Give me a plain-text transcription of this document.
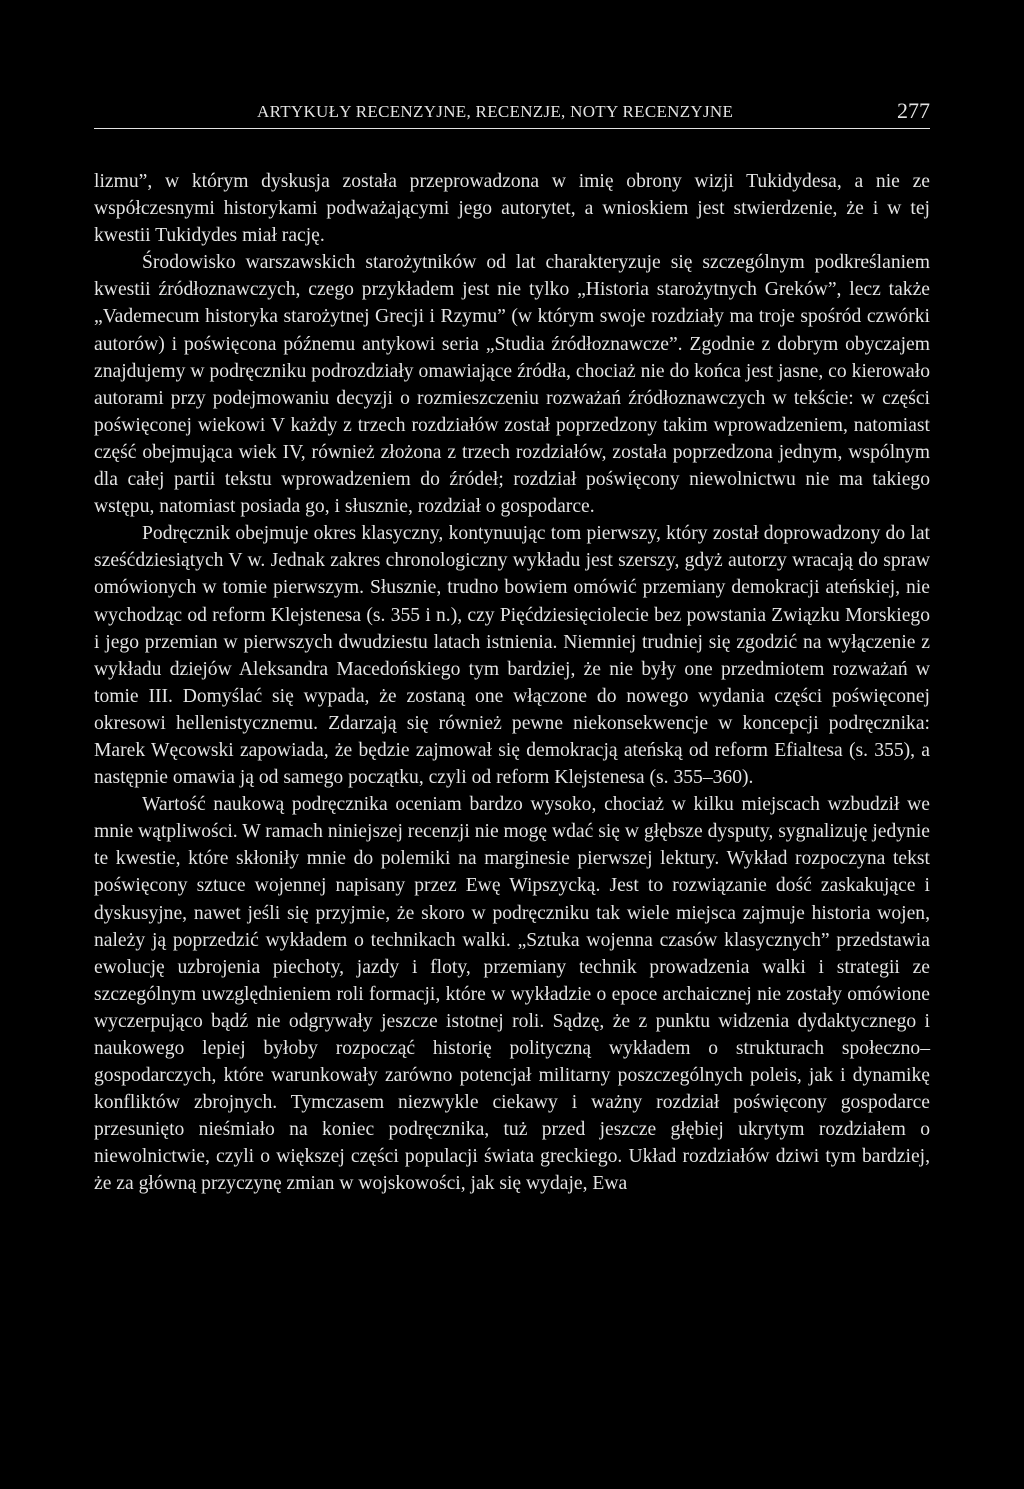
ARTYKUŁY RECENZYJNE, RECENZJE, NOTY RECENZYJNE	277

lizmu”, w którym dyskusja została przeprowadzona w imię obrony wizji Tukidydesa, a nie ze współczesnymi historykami podważającymi jego autorytet, a wnioskiem jest stwierdzenie, że i w tej kwestii Tukidydes miał rację.

Środowisko warszawskich starożytników od lat charakteryzuje się szczególnym podkreślaniem kwestii źródłoznawczych, czego przykładem jest nie tylko „Historia starożytnych Greków”, lecz także „Vademecum historyka starożytnej Grecji i Rzymu” (w którym swoje rozdziały ma troje spośród czwórki autorów) i poświęcona późnemu antykowi seria „Studia źródłoznawcze”. Zgodnie z dobrym obyczajem znajdujemy w podręczniku podrozdziały omawiające źródła, chociaż nie do końca jest jasne, co kierowało autorami przy podejmowaniu decyzji o rozmieszczeniu rozważań źródłoznawczych w tekście: w części poświęconej wiekowi V każdy z trzech rozdziałów został poprzedzony takim wprowadzeniem, natomiast część obejmująca wiek IV, również złożona z trzech rozdziałów, została poprzedzona jednym, wspólnym dla całej partii tekstu wprowadzeniem do źródeł; rozdział poświęcony niewolnictwu nie ma takiego wstępu, natomiast posiada go, i słusznie, rozdział o gospodarce.

Podręcznik obejmuje okres klasyczny, kontynuując tom pierwszy, który został doprowadzony do lat sześćdziesiątych V w. Jednak zakres chronologiczny wykładu jest szerszy, gdyż autorzy wracają do spraw omówionych w tomie pierwszym. Słusznie, trudno bowiem omówić przemiany demokracji ateńskiej, nie wychodząc od reform Klejstenesa (s. 355 i n.), czy Pięćdziesięciolecie bez powstania Związku Morskiego i jego przemian w pierwszych dwudziestu latach istnienia. Niemniej trudniej się zgodzić na wyłączenie z wykładu dziejów Aleksandra Macedońskiego tym bardziej, że nie były one przedmiotem rozważań w tomie III. Domyślać się wypada, że zostaną one włączone do nowego wydania części poświęconej okresowi hellenistycznemu. Zdarzają się również pewne niekonsekwencje w koncepcji podręcznika: Marek Węcowski zapowiada, że będzie zajmował się demokracją ateńską od reform Efialtesa (s. 355), a następnie omawia ją od samego początku, czyli od reform Klejstenesa (s. 355–360).

Wartość naukową podręcznika oceniam bardzo wysoko, chociaż w kilku miejscach wzbudził we mnie wątpliwości. W ramach niniejszej recenzji nie mogę wdać się w głębsze dysputy, sygnalizuję jedynie te kwestie, które skłoniły mnie do polemiki na marginesie pierwszej lektury. Wykład rozpoczyna tekst poświęcony sztuce wojennej napisany przez Ewę Wipszycką. Jest to rozwiązanie dość zaskakujące i dyskusyjne, nawet jeśli się przyjmie, że skoro w podręczniku tak wiele miejsca zajmuje historia wojen, należy ją poprzedzić wykładem o technikach walki. „Sztuka wojenna czasów klasycznych” przedstawia ewolucję uzbrojenia piechoty, jazdy i floty, przemiany technik prowadzenia walki i strategii ze szczególnym uwzględnieniem roli formacji, które w wykładzie o epoce archaicznej nie zostały omówione wyczerpująco bądź nie odgrywały jeszcze istotnej roli. Sądzę, że z punktu widzenia dydaktycznego i naukowego lepiej byłoby rozpocząć historię polityczną wykładem o strukturach społeczno–gospodarczych, które warunkowały zarówno potencjał militarny poszczególnych poleis, jak i dynamikę konfliktów zbrojnych. Tymczasem niezwykle ciekawy i ważny rozdział poświęcony gospodarce przesunięto nieśmiało na koniec podręcznika, tuż przed jeszcze głębiej ukrytym rozdziałem o niewolnictwie, czyli o większej części populacji świata greckiego. Układ rozdziałów dziwi tym bardziej, że za główną przyczynę zmian w wojskowości, jak się wydaje, Ewa
